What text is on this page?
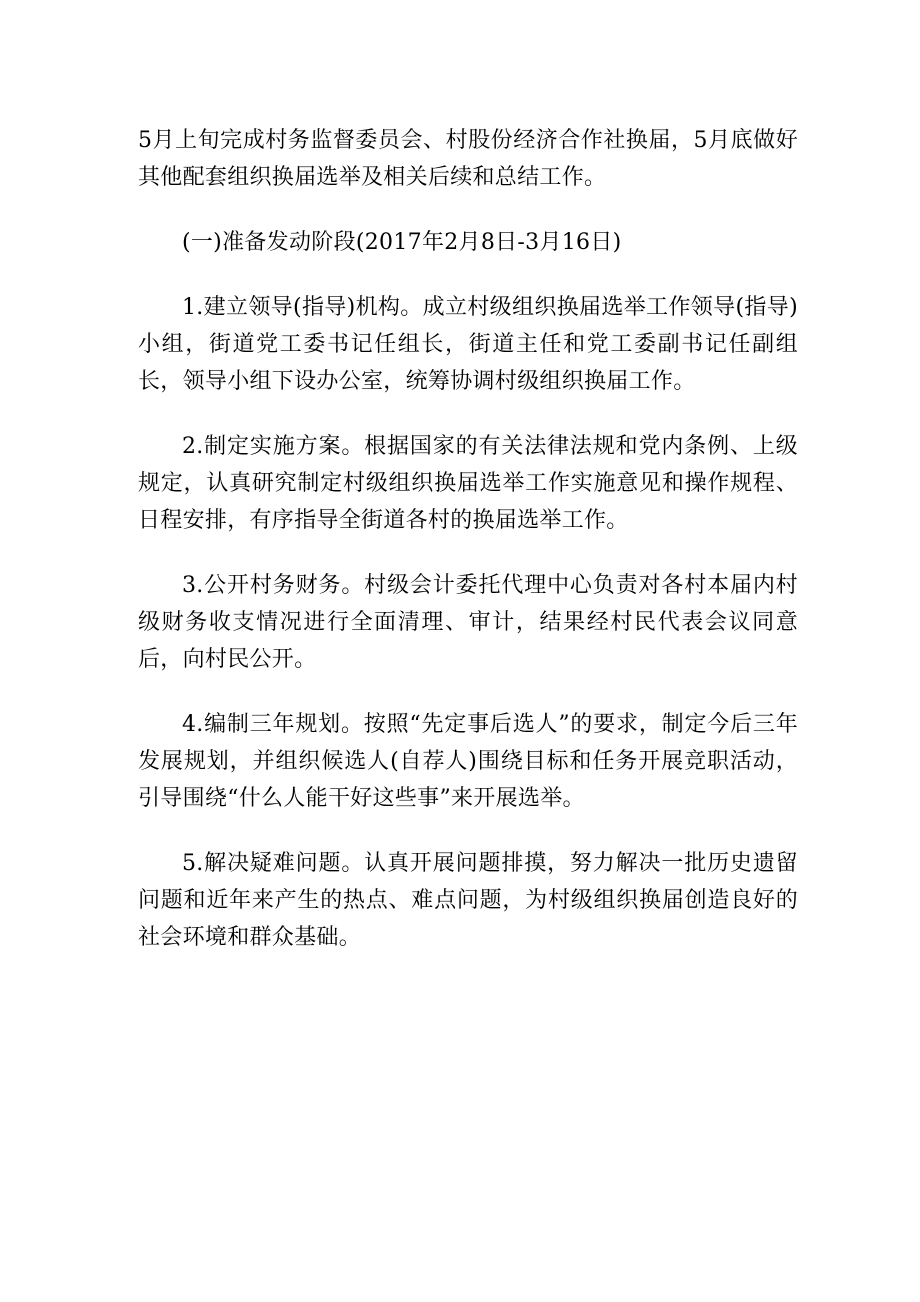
5月上旬完成村务监督委员会、村股份经济合作社换届，5月底做好其他配套组织换届选举及相关后续和总结工作。

(一)准备发动阶段(2017年2月8日-3月16日)

1.建立领导(指导)机构。成立村级组织换届选举工作领导(指导)小组，街道党工委书记任组长，街道主任和党工委副书记任副组长，领导小组下设办公室，统筹协调村级组织换届工作。

2.制定实施方案。根据国家的有关法律法规和党内条例、上级规定，认真研究制定村级组织换届选举工作实施意见和操作规程、日程安排，有序指导全街道各村的换届选举工作。

3.公开村务财务。村级会计委托代理中心负责对各村本届内村级财务收支情况进行全面清理、审计，结果经村民代表会议同意后，向村民公开。

4.编制三年规划。按照“先定事后选人”的要求，制定今后三年发展规划，并组织候选人(自荐人)围绕目标和任务开展竞职活动，引导围绕“什么人能干好这些事”来开展选举。

5.解决疑难问题。认真开展问题排摸，努力解决一批历史遗留问题和近年来产生的热点、难点问题，为村级组织换届创造良好的社会环境和群众基础。
